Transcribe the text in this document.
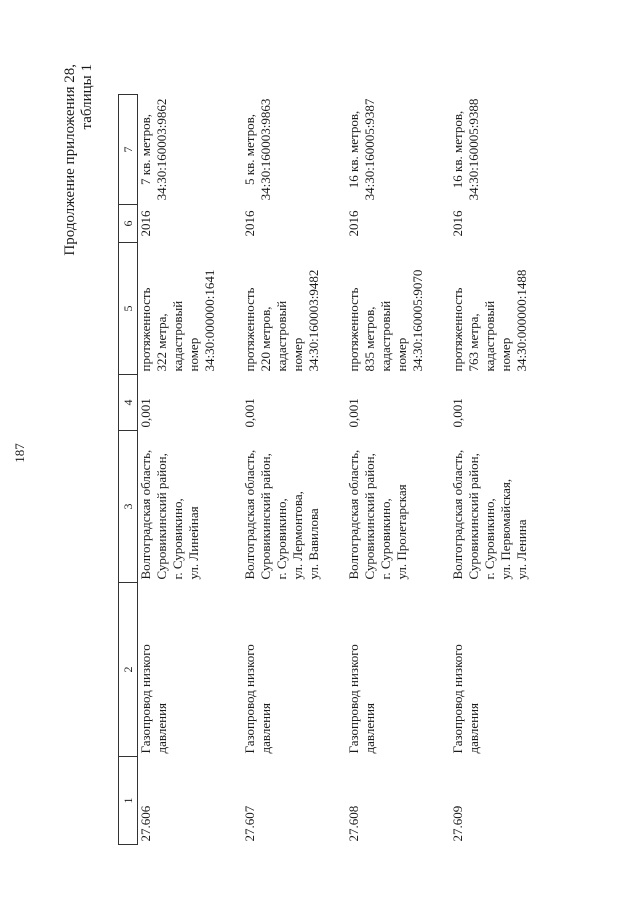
187
Продолжение приложения 28, таблицы 1
1	2	3	4	5	6	7
27.606	Газопровод низкого давления	Волгоградская область, Суровикинский район, г. Суровикино, ул. Линейная	0,001	протяженность 322 метра, кадастровый номер 34:30:000000:1641	2016	7 кв. метров, 34:30:160003:9862

27.607	Газопровод низкого давления	Волгоградская область, Суровикинский район, г. Суровикино, ул. Лермонтова, ул. Вавилова	0,001	протяженность 220 метров, кадастровый номер 34:30:160003:9482	2016	5 кв. метров, 34:30:160003:9863

27.608	Газопровод низкого давления	Волгоградская область, Суровикинский район, г. Суровикино, ул. Пролетарская	0,001	протяженность 835 метров, кадастровый номер 34:30:160005:9070	2016	16 кв. метров, 34:30:160005:9387

27.609	Газопровод низкого давления	Волгоградская область, Суровикинский район, г. Суровикино, ул. Первомайская, ул. Ленина	0,001	протяженность 763 метра, кадастровый номер 34:30:000000:1488	2016	16 кв. метров, 34:30:160005:9388
